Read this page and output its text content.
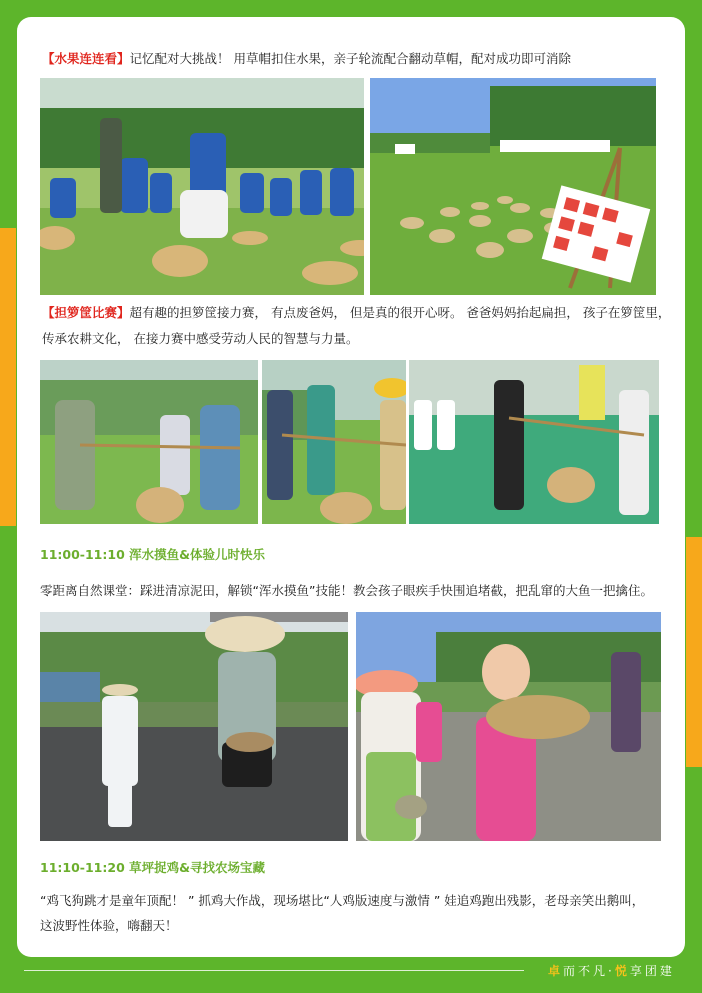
【水果连连看】记忆配对大挑战！ 用草帽扣住水果，亲子轮流配合翻动草帽，配对成功即可消除
【担箩筐比赛】超有趣的担箩筐接力赛， 有点废爸妈， 但是真的很开心呀。 爸爸妈妈抬起扁担， 孩子在箩筐里，
传承农耕文化， 在接力赛中感受劳动人民的智慧与力量。
11:00-11:10 浑水摸鱼&体验儿时快乐
零距离自然课堂：踩进清凉泥田，解锁“浑水摸鱼”技能！教会孩子眼疾手快围追堵截，把乱窜的大鱼一把擒住。
11:10-11:20 草坪捉鸡&寻找农场宝藏
“鸡飞狗跳才是童年顶配！ ” 抓鸡大作战，现场堪比“人鸡版速度与激情 ” 娃追鸡跑出残影，老母亲笑出鹅叫，
这波野性体验，嗨翻天！
卓而不凡·悦享团建
